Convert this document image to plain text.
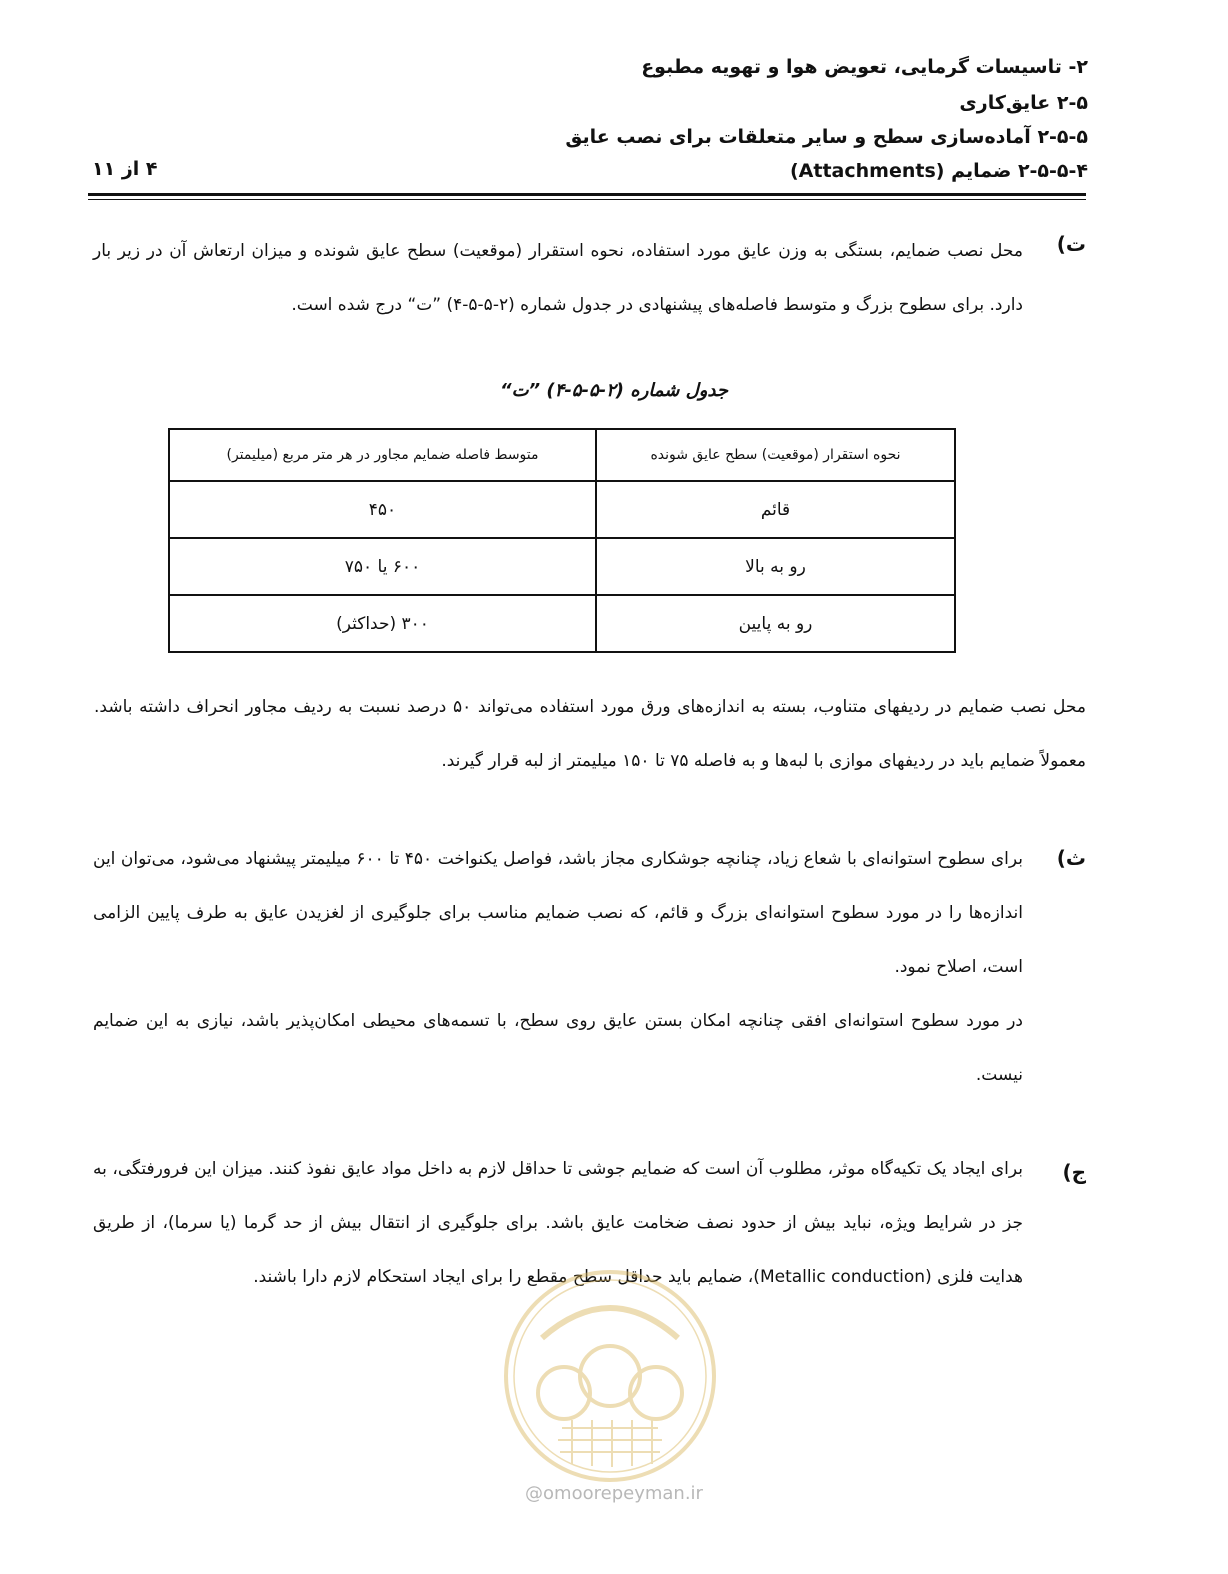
۲- تاسیسات گرمایی، تعویض هوا و تهویه مطبوع
۲-۵ عایق‌کاری
۲-۵-۵ آماده‌سازی سطح و سایر متعلقات برای نصب عایق
۲-۵-۵-۴ ضمایم (Attachments)
۴ از ۱۱
ت)
محل نصب ضمایم، بستگی به وزن عایق مورد استفاده، نحوه استقرار (موقعیت) سطح عایق شونده و میزان ارتعاش آن در زیر بار دارد. برای سطوح بزرگ و متوسط فاصله‌های پیشنهادی در جدول شماره (۲-۵-۵-۴) ”ت“ درج شده است.
جدول شماره (۲-۵-۵-۴) ”ت“
نحوه استقرار (موقعیت) سطح عایق شونده	متوسط فاصله ضمایم مجاور در هر متر مربع (میلیمتر)
قائم	۴۵۰
رو به بالا	۶۰۰ یا ۷۵۰
رو به پایین	۳۰۰ (حداکثر)
محل نصب ضمایم در ردیفهای متناوب، بسته به اندازه‌های ورق مورد استفاده می‌تواند ۵۰ درصد نسبت به ردیف مجاور انحراف داشته باشد. معمولاً ضمایم باید در ردیفهای موازی با لبه‌ها و به فاصله ۷۵ تا ۱۵۰ میلیمتر از لبه قرار گیرند.
ث)
برای سطوح استوانه‌ای با شعاع زیاد، چنانچه جوشکاری مجاز باشد، فواصل یکنواخت ۴۵۰ تا ۶۰۰ میلیمتر پیشنهاد می‌شود، می‌توان این اندازه‌ها را در مورد سطوح استوانه‌ای بزرگ و قائم، که نصب ضمایم مناسب برای جلوگیری از لغزیدن عایق به طرف پایین الزامی است، اصلاح نمود.
در مورد سطوح استوانه‌ای افقی چنانچه امکان بستن عایق روی سطح، با تسمه‌های محیطی امکان‌پذیر باشد، نیازی به این ضمایم نیست.
ج)
برای ایجاد یک تکیه‌گاه موثر، مطلوب آن است که ضمایم جوشی تا حداقل لازم به داخل مواد عایق نفوذ کنند. میزان این فرورفتگی، به جز در شرایط ویژه، نباید بیش از حدود نصف ضخامت عایق باشد. برای جلوگیری از انتقال بیش از حد گرما (یا سرما)، از طریق هدایت فلزی (Metallic conduction)، ضمایم باید حداقل سطح مقطع را برای ایجاد استحکام لازم دارا باشند.
@omoorepeyman.ir
